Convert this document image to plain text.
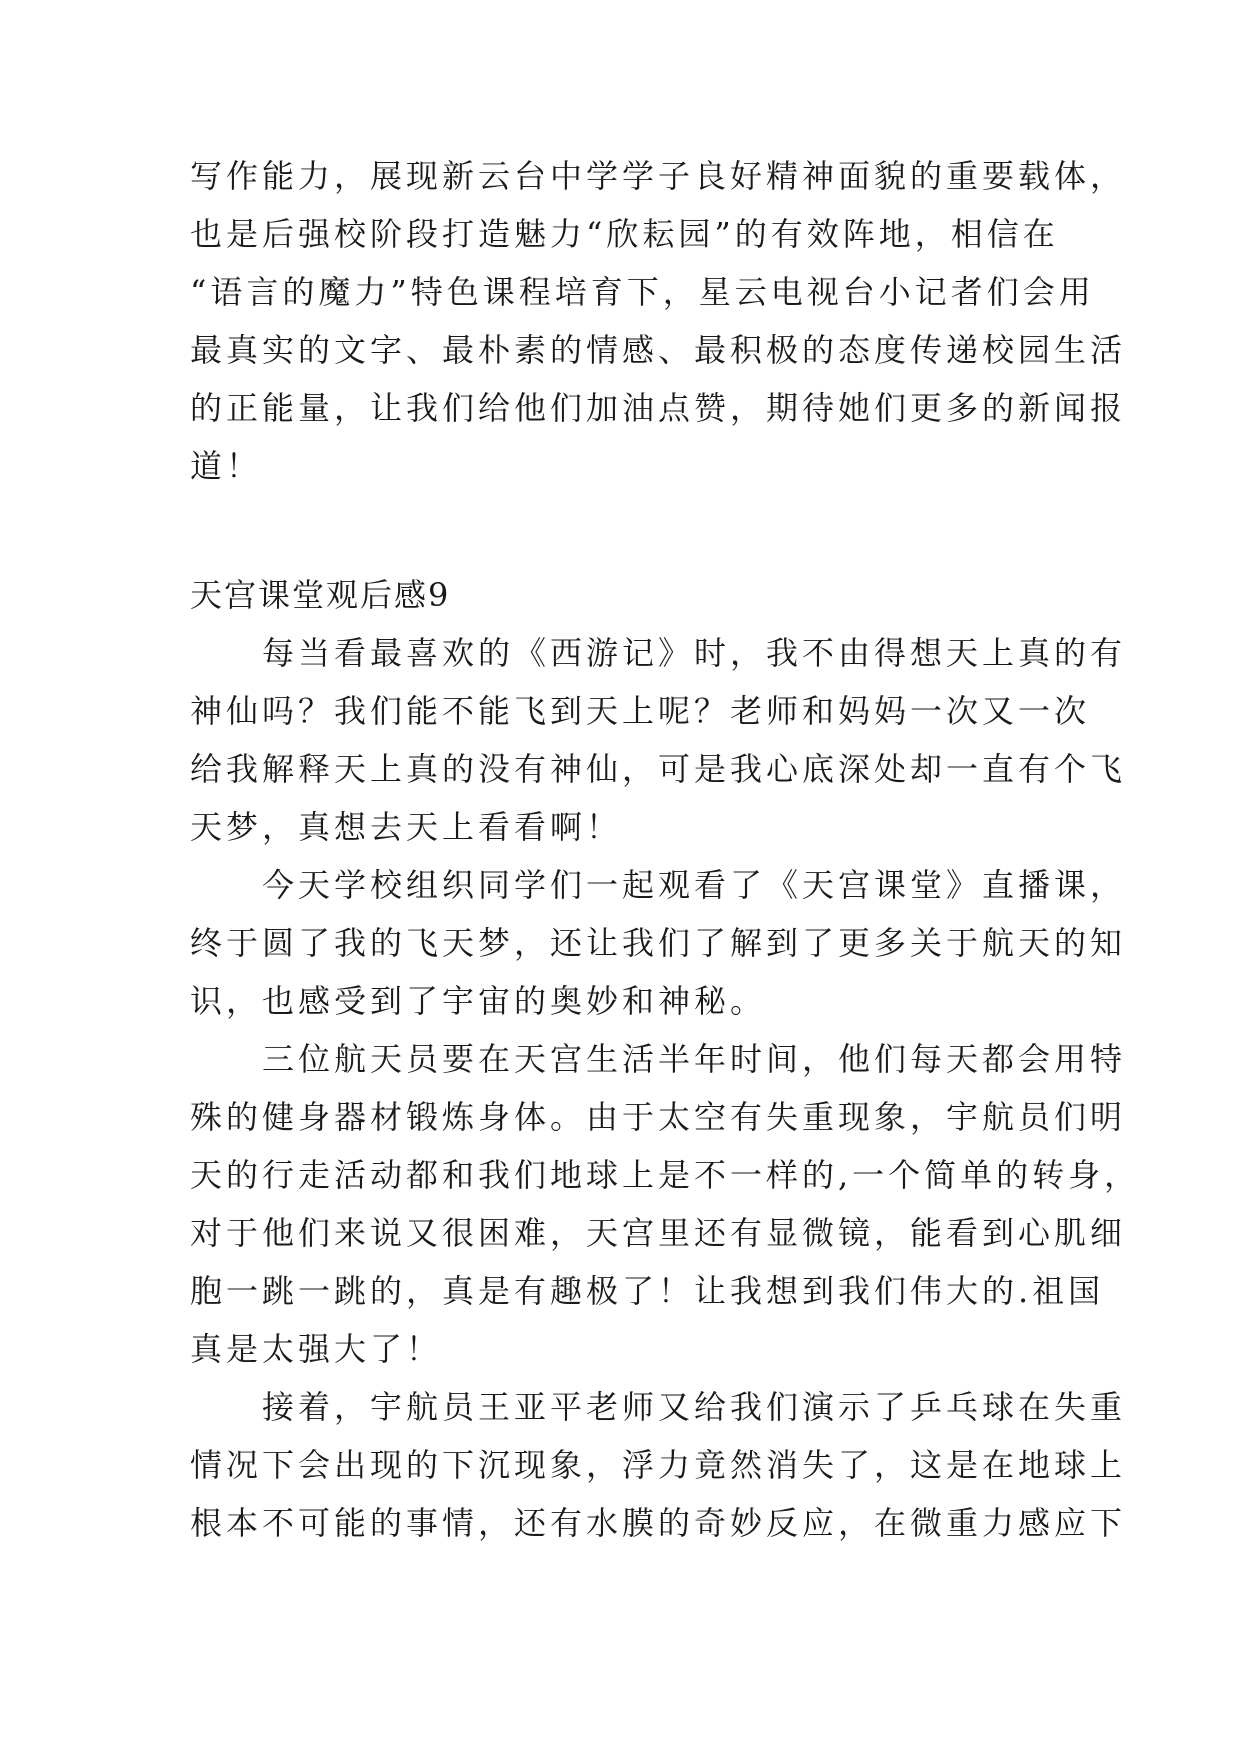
写作能力，展现新云台中学学子良好精神面貌的重要载体，
也是后强校阶段打造魅力“欣耘园”的有效阵地，相信在
“语言的魔力”特色课程培育下，星云电视台小记者们会用
最真实的文字、最朴素的情感、最积极的态度传递校园生活
的正能量，让我们给他们加油点赞，期待她们更多的新闻报
道！
天宫课堂观后感9
每当看最喜欢的《西游记》时，我不由得想天上真的有
神仙吗？我们能不能飞到天上呢？老师和妈妈一次又一次
给我解释天上真的没有神仙，可是我心底深处却一直有个飞
天梦，真想去天上看看啊！
今天学校组织同学们一起观看了《天宫课堂》直播课，
终于圆了我的飞天梦，还让我们了解到了更多关于航天的知
识，也感受到了宇宙的奥妙和神秘。
三位航天员要在天宫生活半年时间，他们每天都会用特
殊的健身器材锻炼身体。由于太空有失重现象，宇航员们明
天的行走活动都和我们地球上是不一样的,一个简单的转身，
对于他们来说又很困难，天宫里还有显微镜，能看到心肌细
胞一跳一跳的，真是有趣极了！让我想到我们伟大的.祖国
真是太强大了！
接着，宇航员王亚平老师又给我们演示了乒乓球在失重
情况下会出现的下沉现象，浮力竟然消失了，这是在地球上
根本不可能的事情，还有水膜的奇妙反应，在微重力感应下
